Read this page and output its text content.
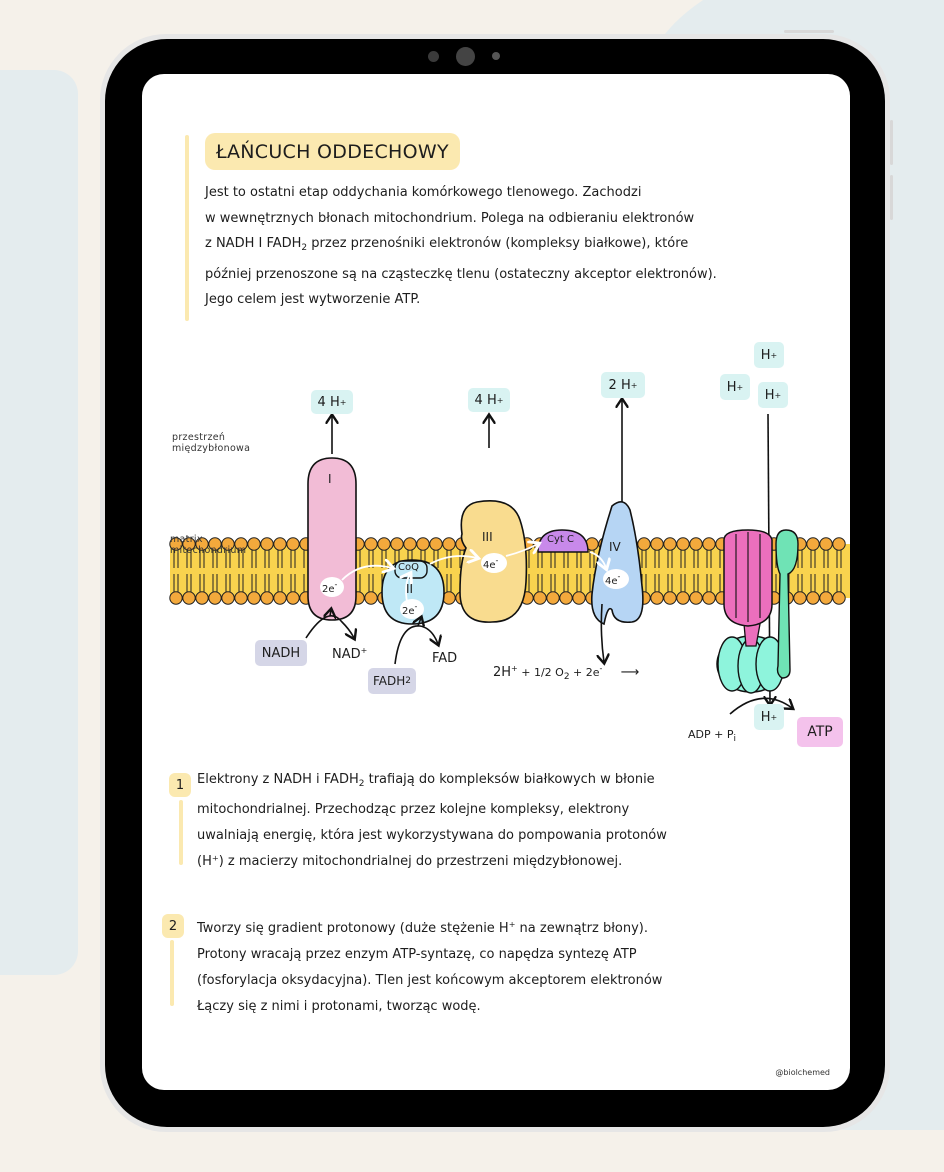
ŁAŃCUCH ODDECHOWY

Jest to ostatni etap oddychania komórkowego tlenowego. Zachodzi

w wewnętrznych błonach mitochondrium. Polega na odbieraniu elektronów

z NADH I $FADH_2$ przez przenośniki elektronów (kompleksy białkowe), które

później przenoszone są na cząsteczkę tlenu (ostateczny akceptor elektronów).

Jego celem jest wytworzenie ATP.

przestrzeń
międzybłonowa
matrix
mitochondrium
4 H +	4 H +
2 H +
H +
H +
H +
H +
I
II
III
IV
CoQ
Cyt C
2e-
2e-
4e-
4e-
NADH NAD+
FADH 2
FAD
2H+ + 1/2 $O_2 + 2e^-$ ⟶
ADP + $P_i$	ATP
1 Elektrony z NADH i $FADH_2$ trafiają do kompleksów białkowych w błonie

mitochondrialnej. Przechodząc przez kolejne kompleksy, elektrony

uwalniają energię, która jest wykorzystywana do pompowania protonów

(H⁺) z macierzy mitochondrialnej do przestrzeni międzybłonowej.

2 Tworzy się gradient protonowy (duże stężenie H+ na zewnątrz błony).

Protony wracają przez enzym ATP-syntazę, co napędza syntezę ATP

(fosforylacja oksydacyjna). Tlen jest końcowym akceptorem elektronów

Łączy się z nimi i protonami, tworząc wodę.

@biolchemed
